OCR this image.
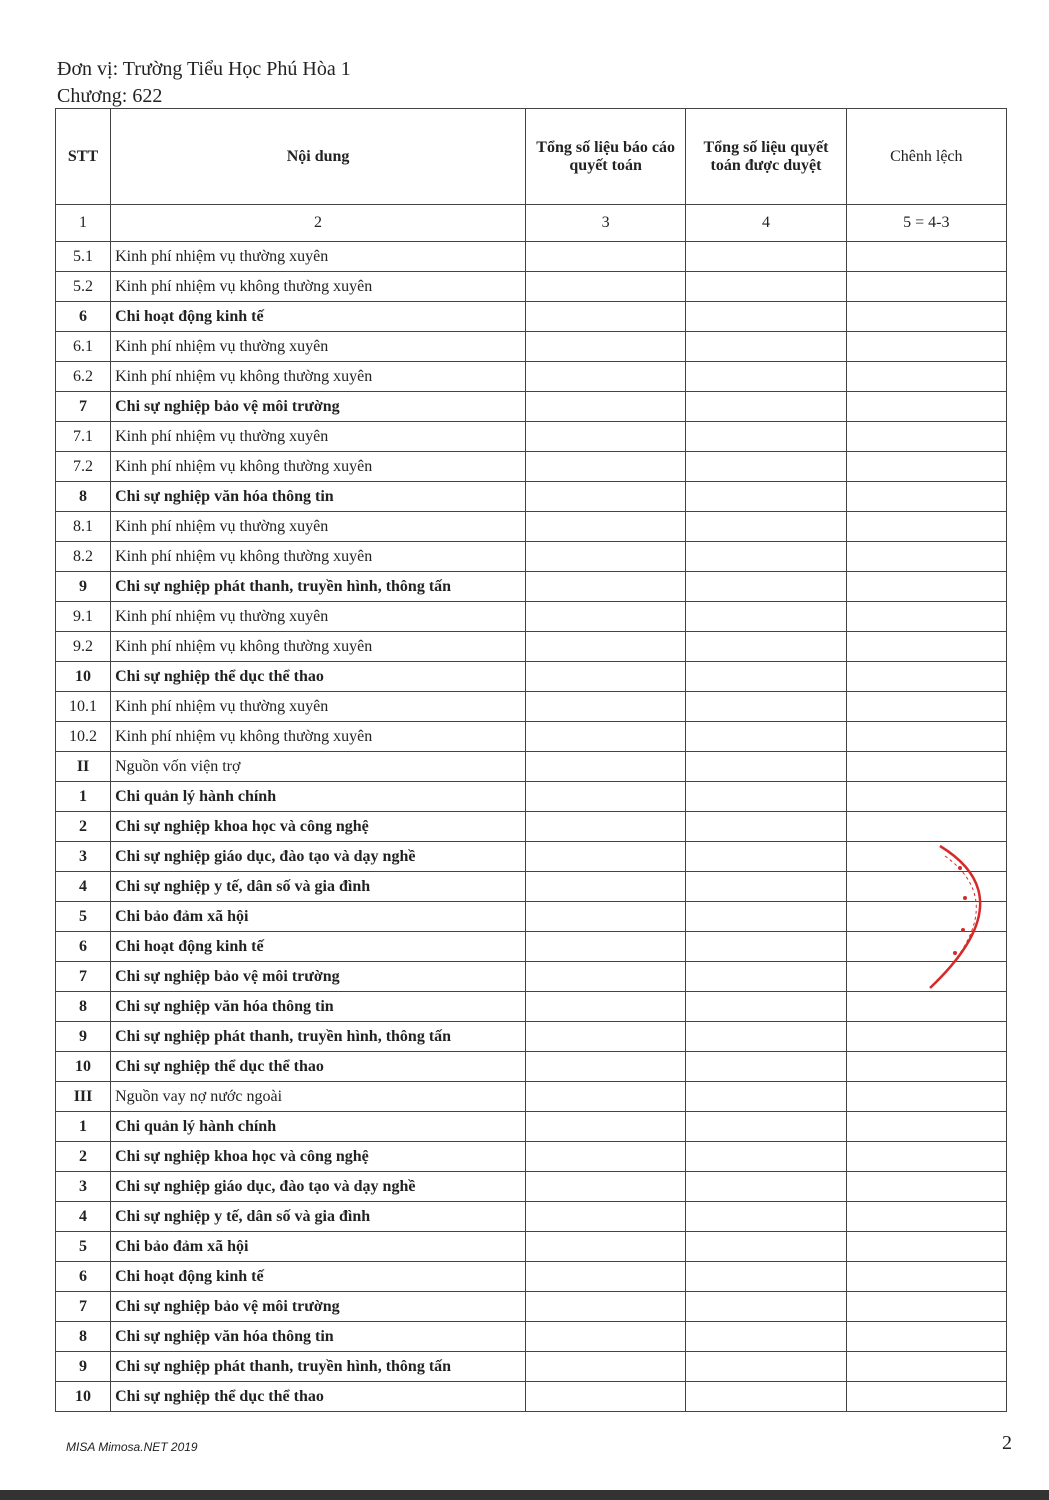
Đơn vị: Trường Tiểu Học Phú Hòa 1
Chương: 622
STT	Nội dung	Tổng số liệu báo cáo quyết toán	Tổng số liệu quyết toán được duyệt	Chênh lệch
1	2	3	4	5 = 4-3
5.1	Kinh phí nhiệm vụ thường xuyên			
5.2	Kinh phí nhiệm vụ không thường xuyên			
6	Chi hoạt động kinh tế			
6.1	Kinh phí nhiệm vụ thường xuyên			
6.2	Kinh phí nhiệm vụ không thường xuyên			
7	Chi sự nghiệp bảo vệ môi trường			
7.1	Kinh phí nhiệm vụ thường xuyên			
7.2	Kinh phí nhiệm vụ không thường xuyên			
8	Chi sự nghiệp văn hóa thông tin			
8.1	Kinh phí nhiệm vụ thường xuyên			
8.2	Kinh phí nhiệm vụ không thường xuyên			
9	Chi sự nghiệp phát thanh, truyền hình, thông tấn			
9.1	Kinh phí nhiệm vụ thường xuyên			
9.2	Kinh phí nhiệm vụ không thường xuyên			
10	Chi sự nghiệp thể dục thể thao			
10.1	Kinh phí nhiệm vụ thường xuyên			
10.2	Kinh phí nhiệm vụ không thường xuyên			
II	Nguồn vốn viện trợ			
1	Chi quản lý hành chính			
2	Chi sự nghiệp khoa học và công nghệ			
3	Chi sự nghiệp giáo dục, đào tạo và dạy nghề			
4	Chi sự nghiệp y tế, dân số và gia đình			
5	Chi bảo đảm xã hội			
6	Chi hoạt động kinh tế			
7	Chi sự nghiệp bảo vệ môi trường			
8	Chi sự nghiệp văn hóa thông tin			
9	Chi sự nghiệp phát thanh, truyền hình, thông tấn			
10	Chi sự nghiệp thể dục thể thao			
III	Nguồn vay nợ nước ngoài			
1	Chi quản lý hành chính			
2	Chi sự nghiệp khoa học và công nghệ			
3	Chi sự nghiệp giáo dục, đào tạo và dạy nghề			
4	Chi sự nghiệp y tế, dân số và gia đình			
5	Chi bảo đảm xã hội			
6	Chi hoạt động kinh tế			
7	Chi sự nghiệp bảo vệ môi trường			
8	Chi sự nghiệp văn hóa thông tin			
9	Chi sự nghiệp phát thanh, truyền hình, thông tấn			
10	Chi sự nghiệp thể dục thể thao			
MISA Mimosa.NET 2019	2
